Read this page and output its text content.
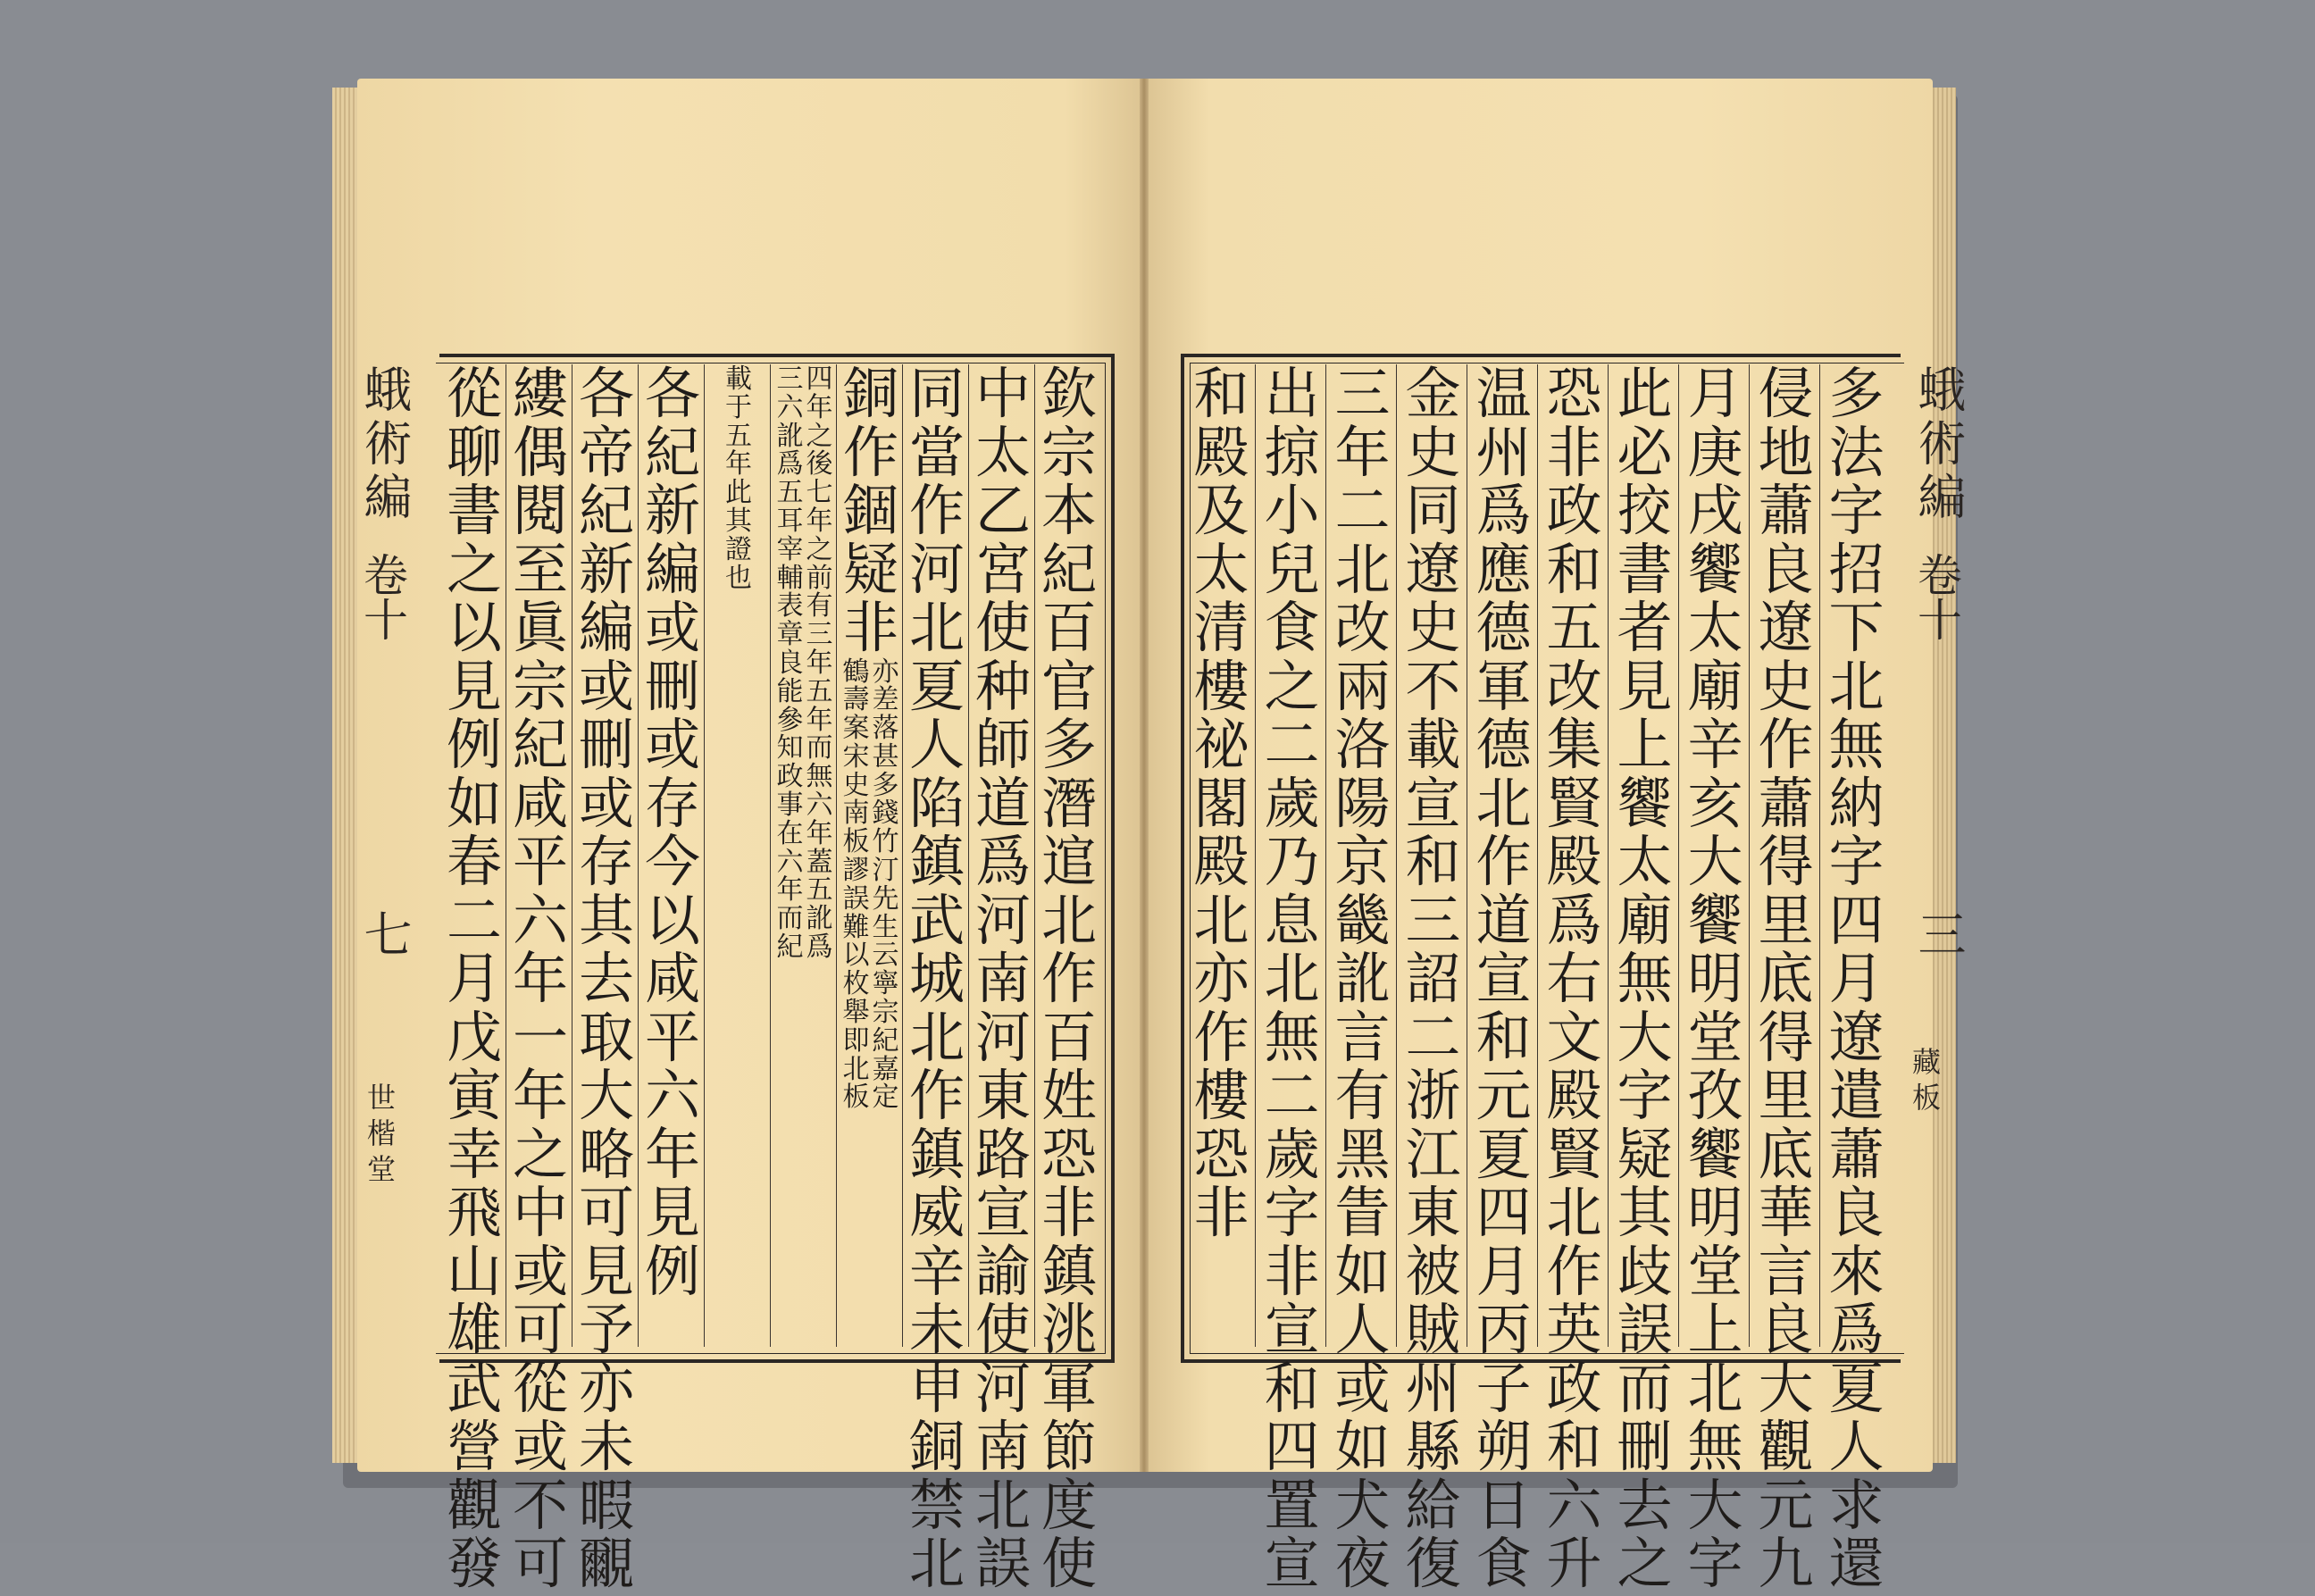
欽
宗
本
紀
百
官
多
潛
逭
北
作
百
姓
恐
非
鎮
洮
軍
節
度
使
中
太
乙
宮
使
种
師
道
爲
河
南
河
東
路
宣
諭
使
河
南
北
誤
同
當
作
河
北
夏
人
陷
鎮
武
城
北
作
鎮
威
辛
未
申
銅
禁
北
銅
作
錮
疑
非
亦
差
落
甚
多
錢
竹
汀
先
生
云
寧
宗
紀
嘉
定
鶴
壽
案
宋
史
南
板
謬
誤
難
以
枚
舉
即
北
板
四
年
之
後
七
年
之
前
有
三
年
五
年
而
無
六
年
蓋
五
訛
爲
三
六
訛
爲
五
耳
宰
輔
表
章
良
能
參
知
政
事
在
六
年
而
紀
載
于
五
年
此
其
證
也
各
紀
新
編
或
刪
或
存
今
以
咸
平
六
年
見
例
各
帝
紀
新
編
或
刪
或
存
其
去
取
大
略
可
見
予
亦
未
暇
覼
縷
偶
閱
至
眞
宗
紀
咸
平
六
年
一
年
之
中
或
可
從
或
不
可
從
聊
書
之
以
見
例
如
春
二
月
戊
寅
幸
飛
山
雄
武
營
觀
發
蛾術編
卷十
七
世楷堂
多
法
字
招
下
北
無
納
字
四
月
遼
遣
蕭
良
來
爲
夏
人
求
還
侵
地
蕭
良
遼
史
作
蕭
得
里
底
得
里
底
華
言
良
大
觀
元
九
月
庚
戌
饗
太
廟
辛
亥
大
饗
明
堂
孜
饗
明
堂
上
北
無
大
字
此
必
挍
書
者
見
上
饗
太
廟
無
大
字
疑
其
歧
誤
而
刪
去
之
恐
非
政
和
五
改
集
賢
殿
爲
右
文
殿
賢
北
作
英
政
和
六
升
温
州
爲
應
德
軍
德
北
作
道
宣
和
元
夏
四
月
丙
子
朔
日
食
金
史
同
遼
史
不
載
宣
和
三
詔
二
浙
江
東
被
賊
州
縣
給
復
三
年
二
北
改
兩
洛
陽
京
畿
訛
言
有
黑
眚
如
人
或
如
犬
夜
出
掠
小
兒
食
之
二
歲
乃
息
北
無
二
歲
字
非
宣
和
四
置
宣
和
殿
及
太
清
樓
祕
閣
殿
北
亦
作
樓
恐
非
蛾術編
卷十
三
藏板
